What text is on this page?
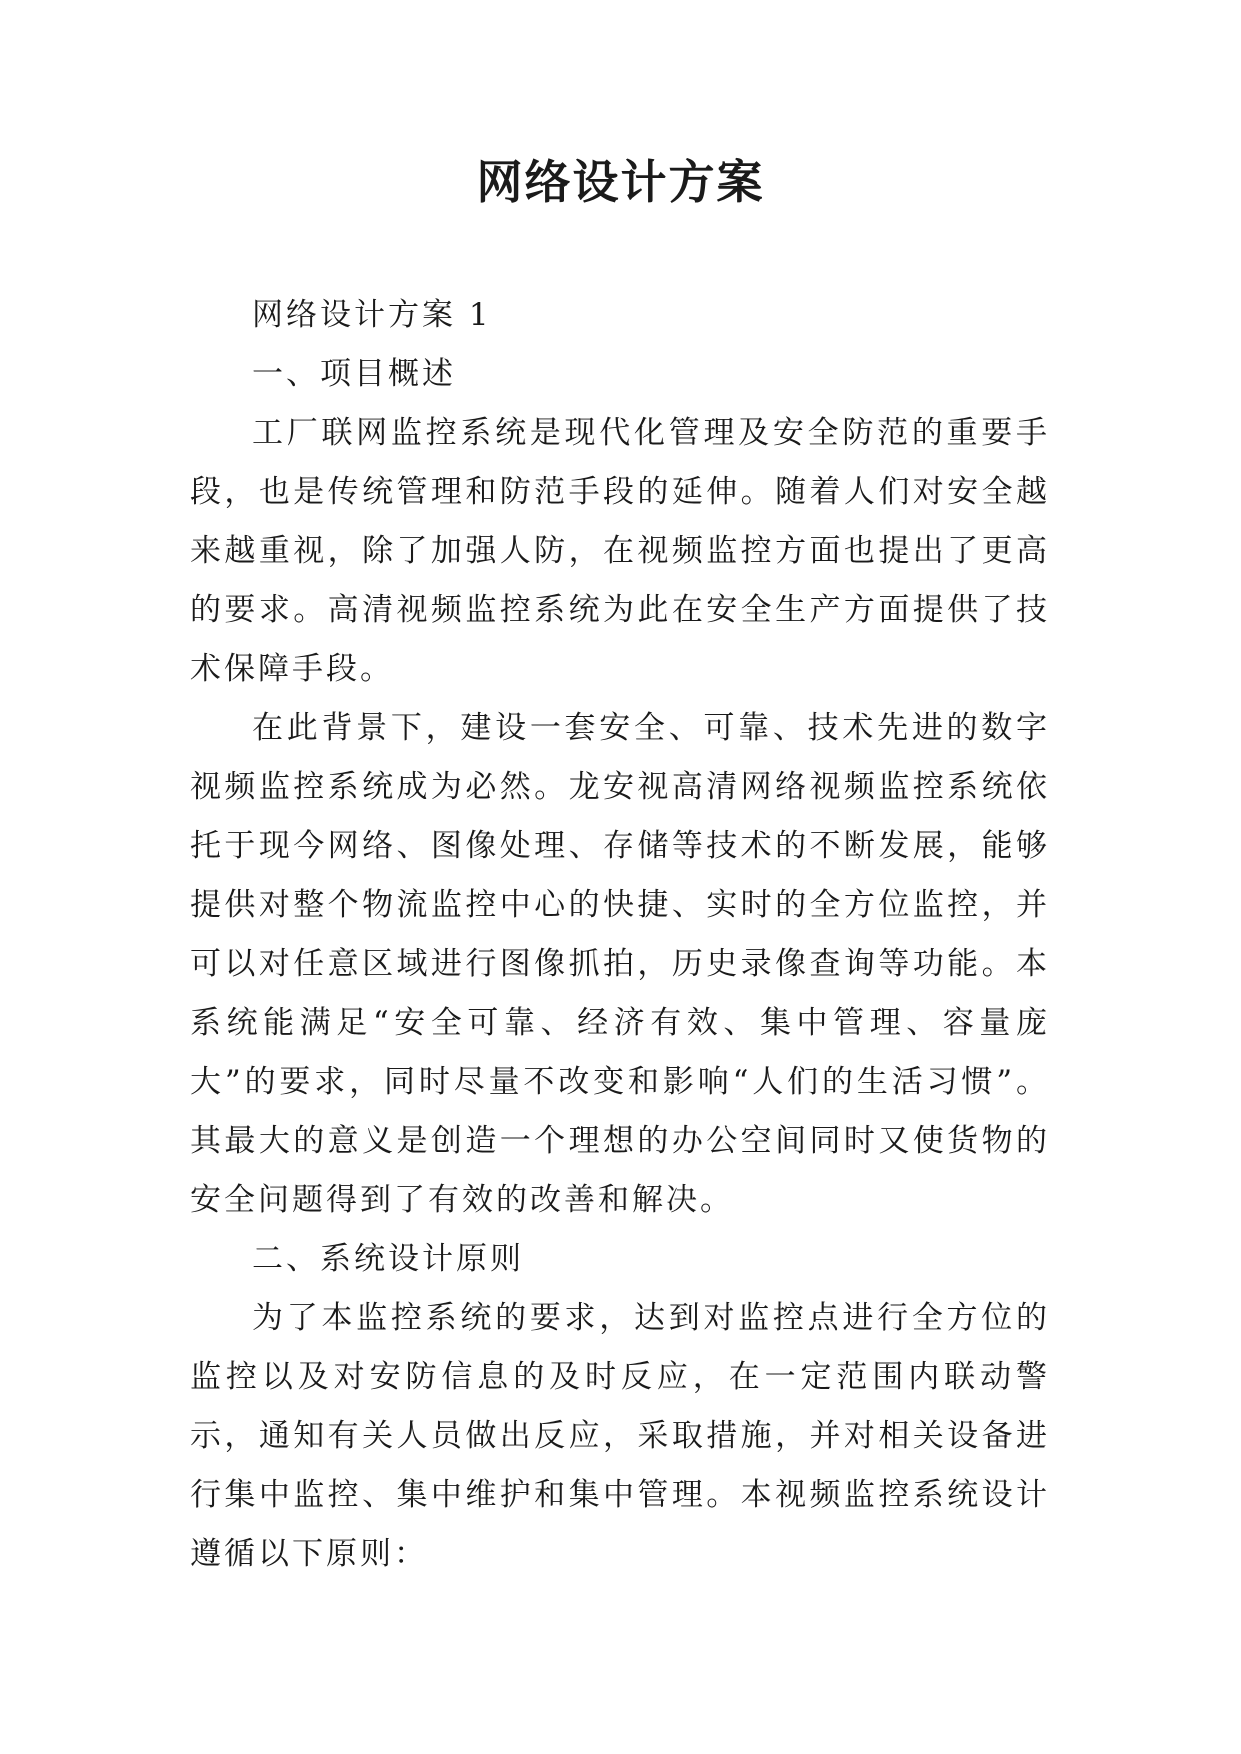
网络设计方案

网络设计方案 1

一、项目概述

工厂联网监控系统是现代化管理及安全防范的重要手段，也是传统管理和防范手段的延伸。随着人们对安全越来越重视，除了加强人防，在视频监控方面也提出了更高的要求。高清视频监控系统为此在安全生产方面提供了技术保障手段。

在此背景下，建设一套安全、可靠、技术先进的数字视频监控系统成为必然。龙安视高清网络视频监控系统依托于现今网络、图像处理、存储等技术的不断发展，能够提供对整个物流监控中心的快捷、实时的全方位监控，并可以对任意区域进行图像抓拍，历史录像查询等功能。本系统能满足“安全可靠、经济有效、集中管理、容量庞大”的要求，同时尽量不改变和影响“人们的生活习惯”。其最大的意义是创造一个理想的办公空间同时又使货物的安全问题得到了有效的改善和解决。

二、系统设计原则

为了本监控系统的要求，达到对监控点进行全方位的监控以及对安防信息的及时反应，在一定范围内联动警示，通知有关人员做出反应，采取措施，并对相关设备进行集中监控、集中维护和集中管理。本视频监控系统设计遵循以下原则：
